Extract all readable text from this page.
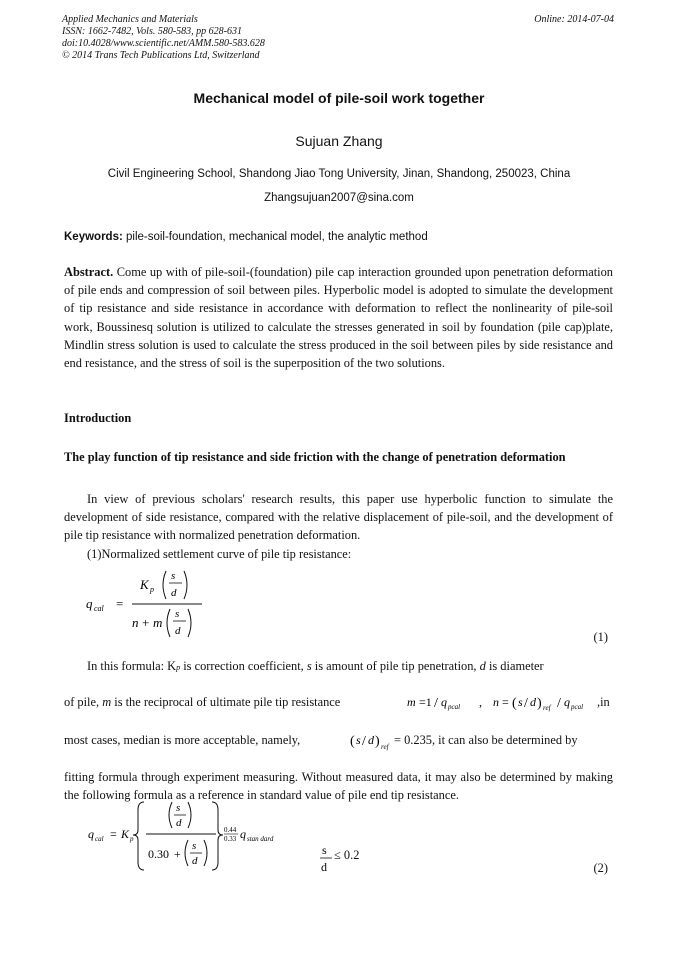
Applied Mechanics and Materials
ISSN: 1662-7482, Vols. 580-583, pp 628-631
doi:10.4028/www.scientific.net/AMM.580-583.628
© 2014 Trans Tech Publications Ltd, Switzerland
Online: 2014-07-04
Mechanical model of pile-soil work together
Sujuan Zhang
Civil Engineering School, Shandong Jiao Tong University, Jinan, Shandong, 250023, China
Zhangsujuan2007@sina.com
Keywords: pile-soil-foundation, mechanical model, the analytic method
Abstract. Come up with of pile-soil-(foundation) pile cap interaction grounded upon penetration deformation of pile ends and compression of soil between piles. Hyperbolic model is adopted to simulate the development of tip resistance and side resistance in accordance with deformation to reflect the nonlinearity of pile-soil work, Boussinesq solution is utilized to calculate the stresses generated in soil by foundation (pile cap)plate, Mindlin stress solution is used to calculate the stress produced in the soil between piles by side resistance and end resistance, and the stress of soil is the superposition of the two solutions.
Introduction
The play function of tip resistance and side friction with the change of penetration deformation
In view of previous scholars' research results, this paper use hyperbolic function to simulate the development of side resistance, compared with the relative displacement of pile-soil, and the development of pile tip resistance with normalized penetration deformation.
(1)Normalized settlement curve of pile tip resistance:
q cal =
K p
s
d
n + m
s
d	(1)
In this formula: Kp is correction coefficient, s is amount of pile tip penetration, d is diameter
of pile, m is the reciprocal of ultimate pile tip resistance	m =1 / q pcal , n = ( s / d ) ref / q pcal ,in
most cases, median is more acceptable, namely,	( s / d ) ref = 0.235, it can also be determined by
fitting formula through experiment measuring. Without measured data, it may also be determined by making the following formula as a reference in standard value of pile end tip resistance.
q cal = K p
s
d
0.30 +
s
d
0.44
0.33 q stan dard
s
d
≤ 0.2
(2)
